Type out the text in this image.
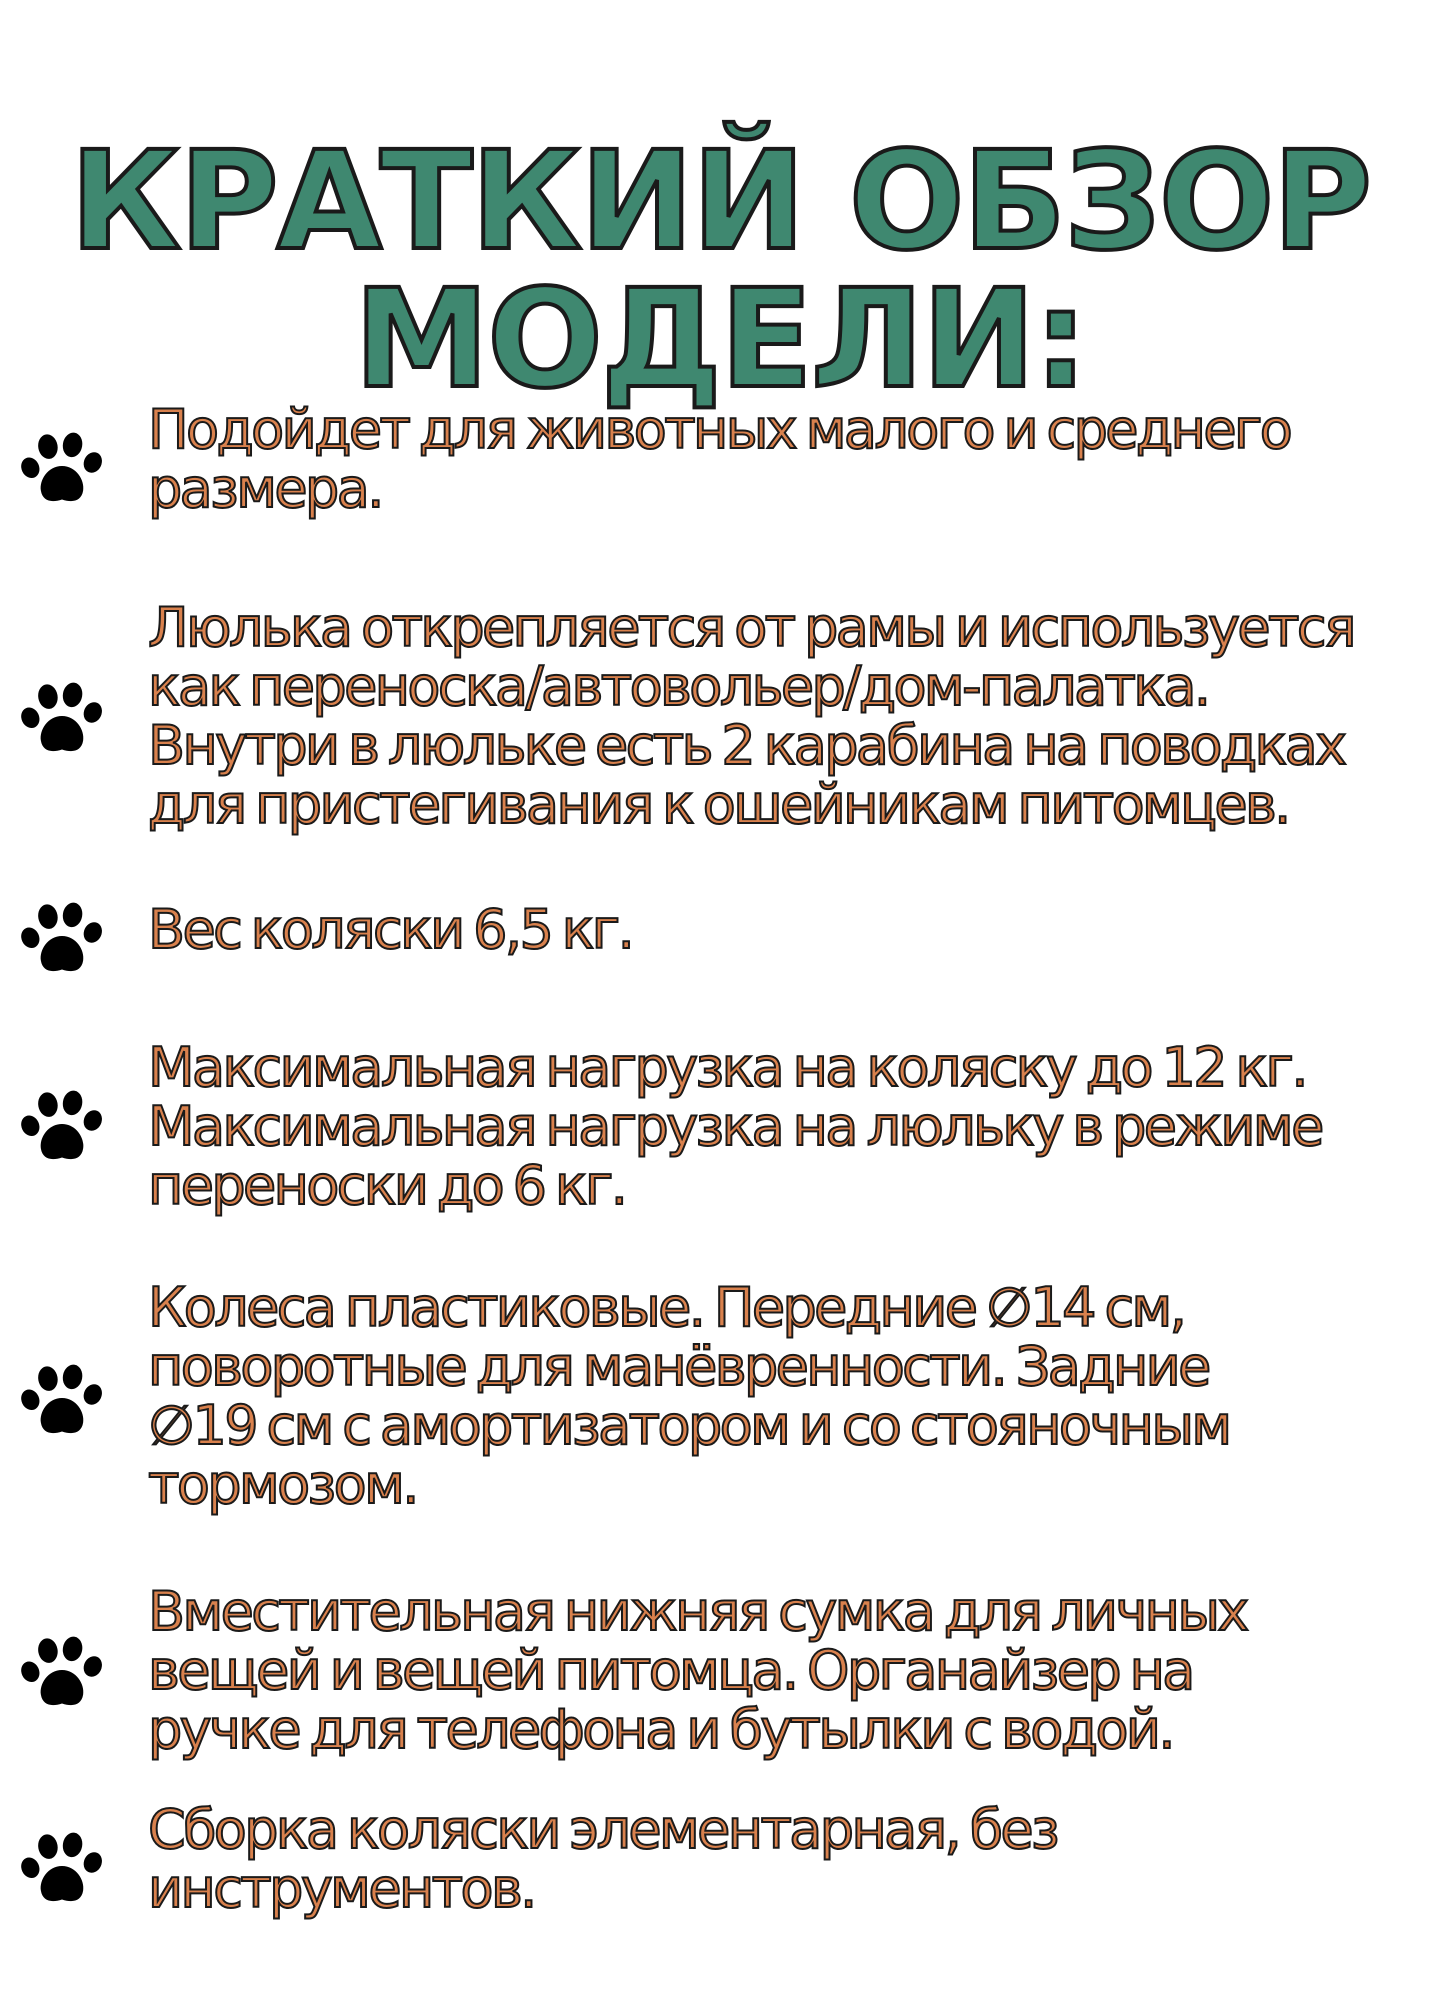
КРАТКИЙ ОБЗОР
МОДЕЛИ:
Подойдет для животных малого и среднего
размера.
Люлька открепляется от рамы и используется
как переноска/автовольер/дом-палатка.
Внутри в люльке есть 2 карабина на поводках
для пристегивания к ошейникам питомцев.
Вес коляски 6,5 кг.
Максимальная нагрузка на коляску до 12 кг.
Максимальная нагрузка на люльку в режиме
переноски до 6 кг.
Колеса пластиковые. Передние ∅14 см,
поворотные для манёвренности. Задние
∅19 см с амортизатором и со стояночным
тормозом.
Вместительная нижняя сумка для личных
вещей и вещей питомца. Органайзер на
ручке для телефона и бутылки с водой.
Сборка коляски элементарная, без
инструментов.
